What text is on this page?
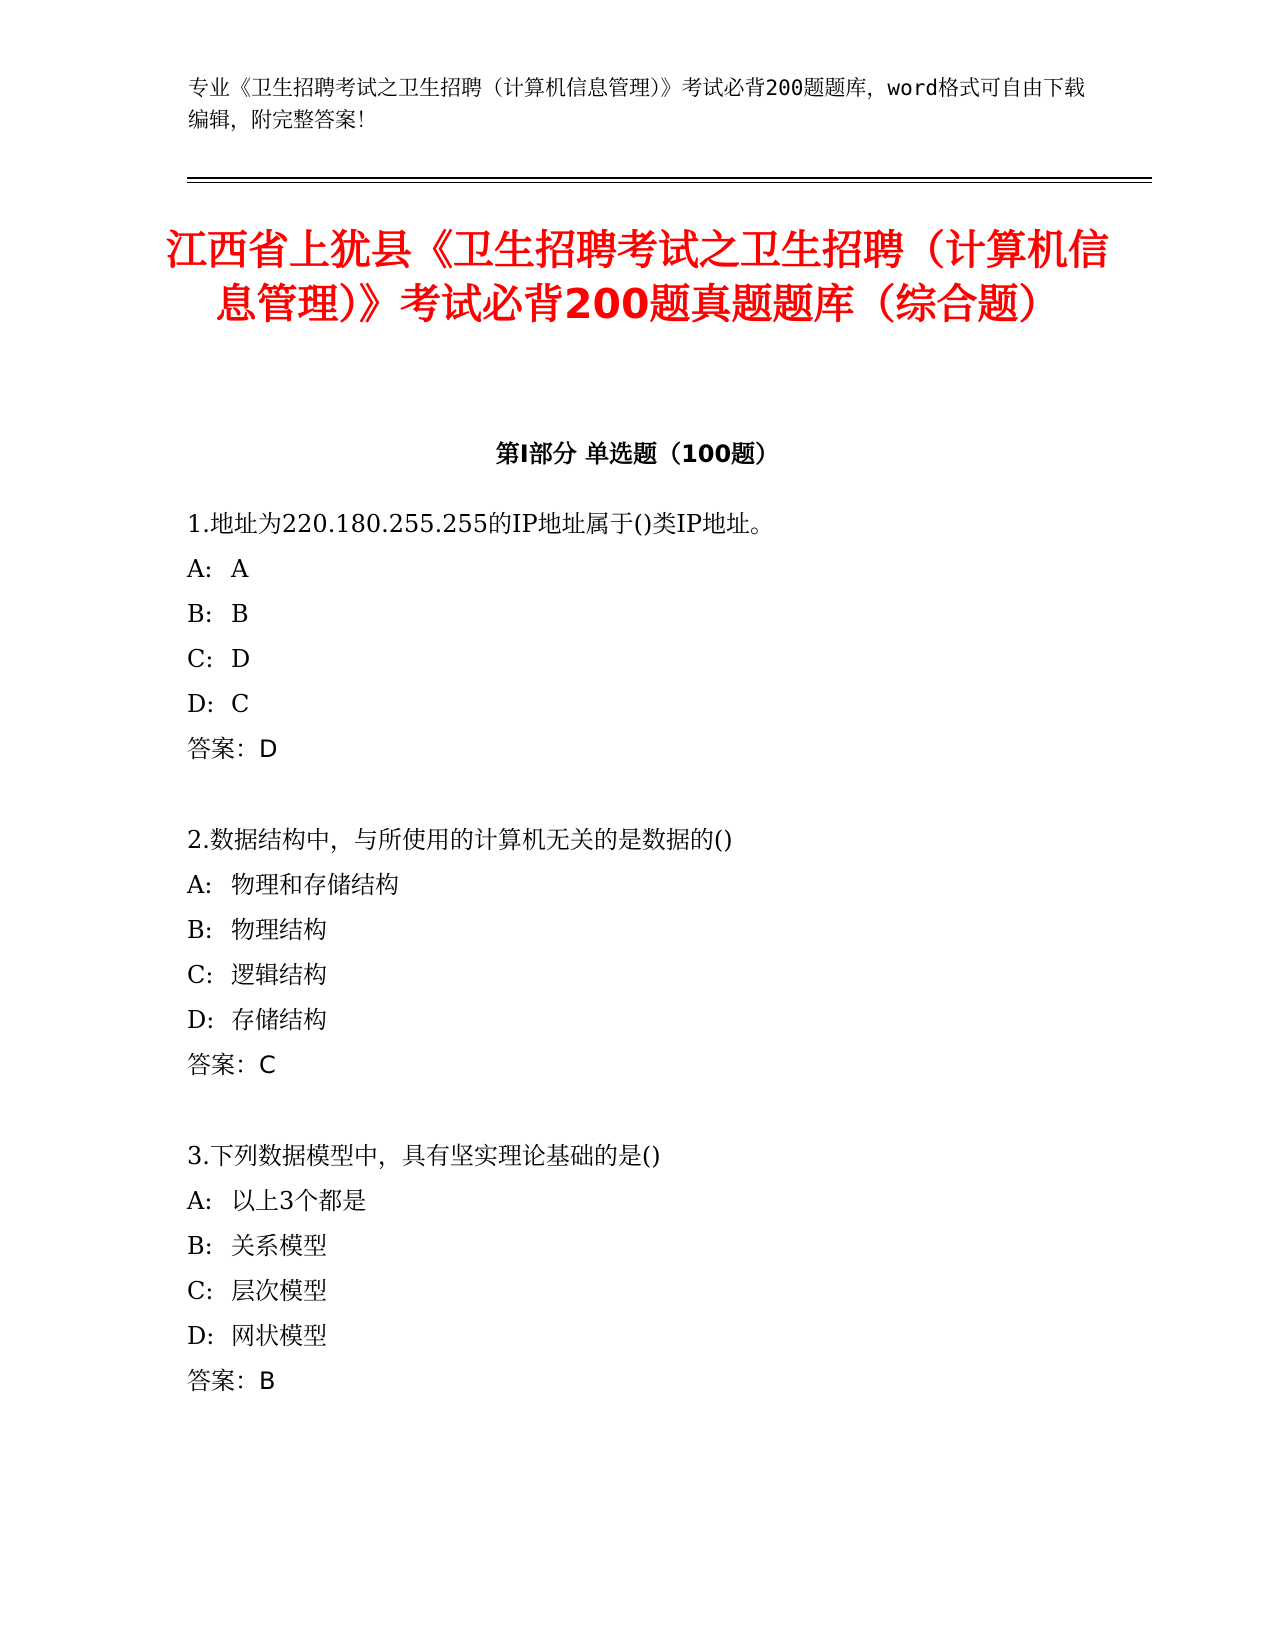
专业《卫生招聘考试之卫生招聘（计算机信息管理）》考试必背200题题库，word格式可自由下载编辑，附完整答案！
江西省上犹县《卫生招聘考试之卫生招聘（计算机信息管理）》考试必背200题真题题库（综合题）
第Ⅰ部分 单选题（100题）
1.地址为220.180.255.255的IP地址属于()类IP地址。
A: A
B: B
C: D
D: C
答案：D
2.数据结构中，与所使用的计算机无关的是数据的()
A: 物理和存储结构
B: 物理结构
C: 逻辑结构
D: 存储结构
答案：C
3.下列数据模型中，具有坚实理论基础的是()
A: 以上3个都是
B: 关系模型
C: 层次模型
D: 网状模型
答案：B
